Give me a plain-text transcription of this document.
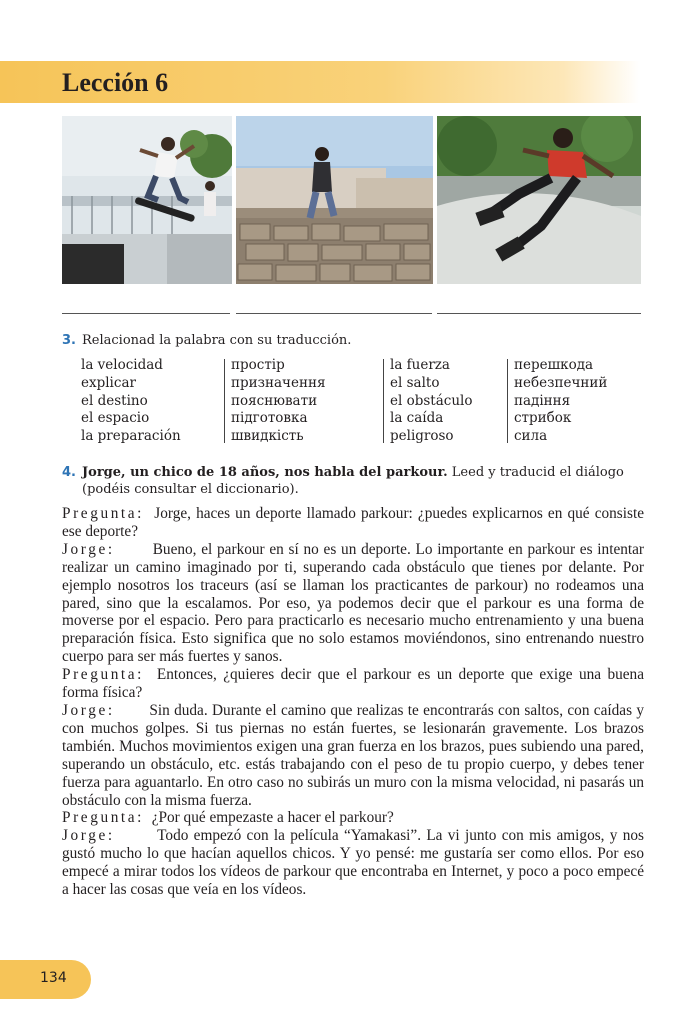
Lección 6
3. Relacionad la palabra con su traducción.
la velocidad
explicar
el destino
el espacio
la preparación
простір
призначення
пояснювати
підготовка
швидкість
la fuerza
el salto
el obstáculo
la caída
peligroso
перешкода
небезпечний
падіння
стрибок
сила
4. Jorge, un chico de 18 años, nos habla del parkour. Leed y traducid el diálogo (podéis consultar el diccionario).

Pregunta: Jorge, haces un deporte llamado parkour: ¿puedes explicarnos en qué consiste ese deporte?

Jorge: Bueno, el parkour en sí no es un deporte. Lo importante en parkour es intentar realizar un camino imaginado por ti, superando cada obstáculo que tienes por delante. Por ejemplo nosotros los traceurs (así se llaman los practicantes de parkour) no rodeamos una pared, sino que la escalamos. Por eso, ya podemos decir que el parkour es una forma de moverse por el espacio. Pero para practicarlo es necesario mucho entrenamiento y una buena preparación física. Esto significa que no solo estamos moviéndonos, sino entrenando nuestro cuerpo para ser más fuertes y sanos.

Pregunta: Entonces, ¿quieres decir que el parkour es un deporte que exige una buena forma física?

Jorge: Sin duda. Durante el camino que realizas te encontrarás con saltos, con caídas y con muchos golpes. Si tus piernas no están fuertes, se lesionarán gravemente. Los brazos también. Muchos movimientos exigen una gran fuerza en los brazos, pues subiendo una pared, superando un obstáculo, etc. estás trabajando con el peso de tu propio cuerpo, y debes tener fuerza para aguantarlo. En otro caso no subirás un muro con la misma velocidad, ni pasarás un obstáculo con la misma fuerza.

Pregunta: ¿Por qué empezaste a hacer el parkour?

Jorge:	Todo empezó con la película “Yamakasi”. La vi junto con mis amigos, y nos gustó mucho lo que hacían aquellos chicos. Y yo pensé: me gustaría ser como ellos. Por eso empecé a mirar todos los vídeos de parkour que encontraba en Internet, y poco a poco empecé a hacer las cosas que veía en los vídeos.

134
